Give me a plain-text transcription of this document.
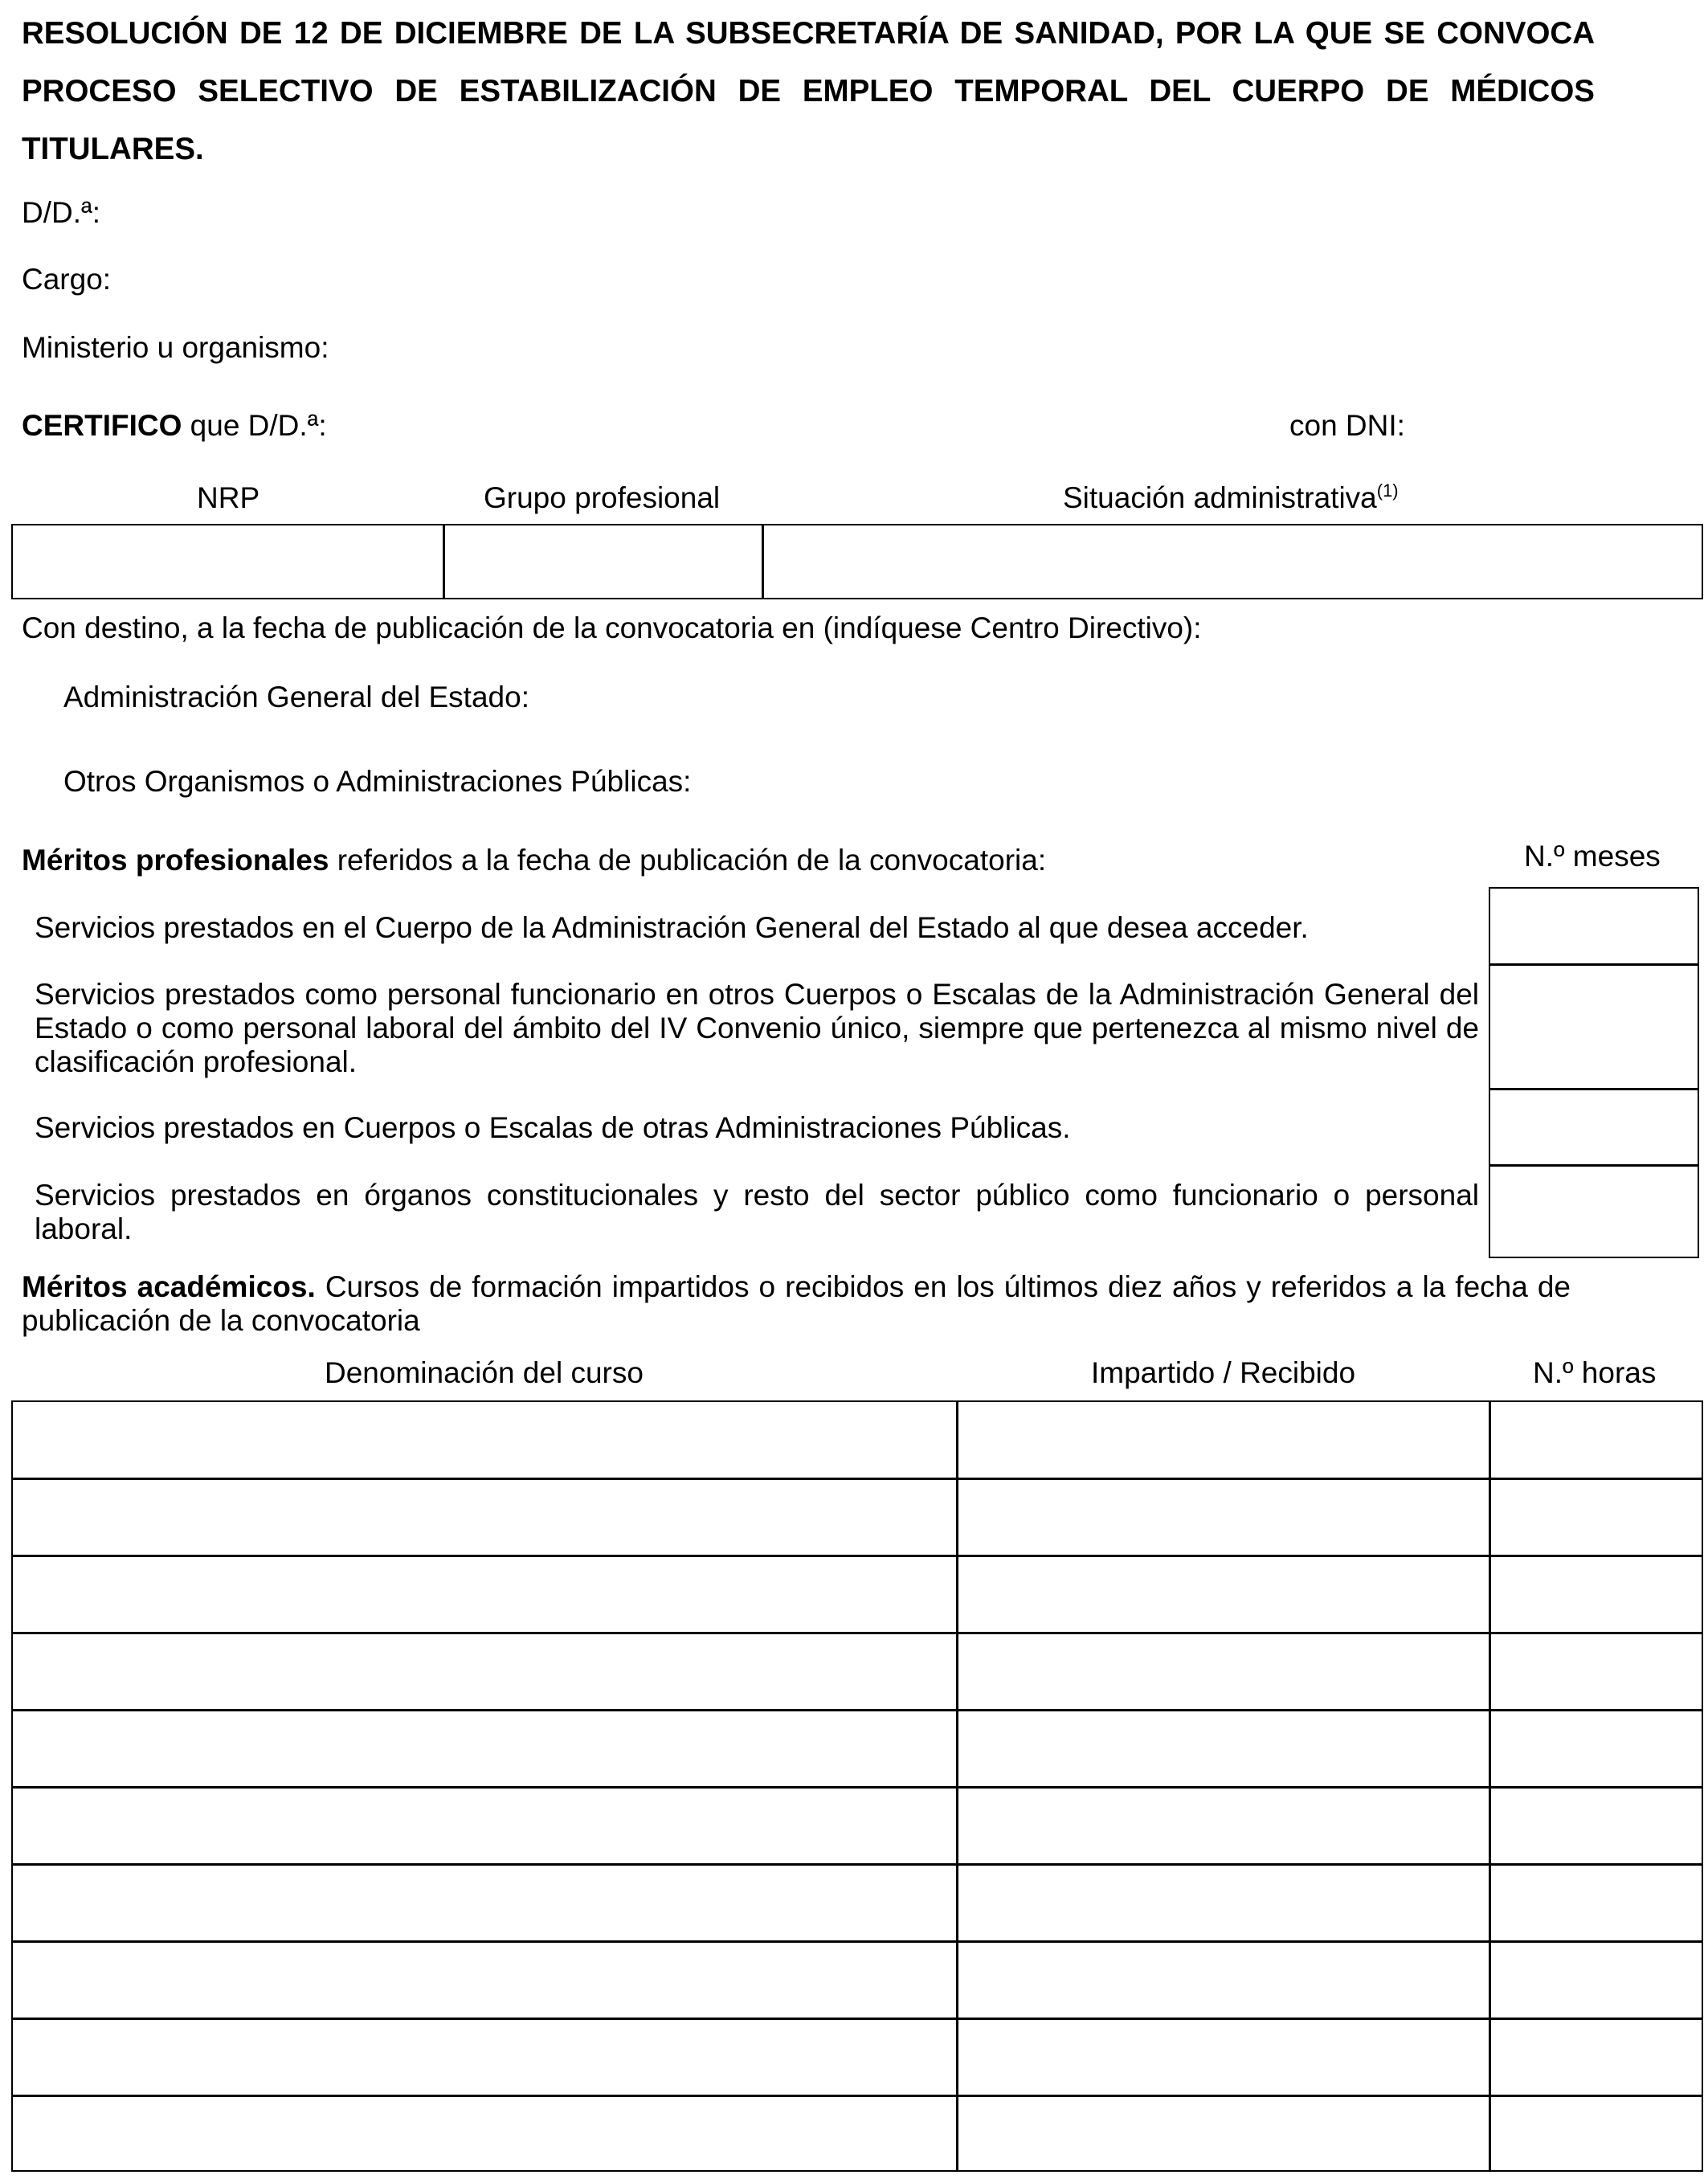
RESOLUCIÓN DE 12 DE DICIEMBRE DE LA SUBSECRETARÍA DE SANIDAD, POR LA QUE SE CONVOCA PROCESO SELECTIVO DE ESTABILIZACIÓN DE EMPLEO TEMPORAL DEL CUERPO DE MÉDICOS TITULARES.
D/D.ª:
Cargo:
Ministerio u organismo:
CERTIFICO que D/D.ª:	con DNI:
NRP	Grupo profesional	Situación administrativa$^{(1)}$
Con destino, a la fecha de publicación de la convocatoria en (indíquese Centro Directivo):
Administración General del Estado:
Otros Organismos o Administraciones Públicas:
Méritos profesionales referidos a la fecha de publicación de la convocatoria:	N.º meses
Servicios prestados en el Cuerpo de la Administración General del Estado al que desea acceder.
Servicios prestados como personal funcionario en otros Cuerpos o Escalas de la Administración General del Estado o como personal laboral del ámbito del IV Convenio único, siempre que pertenezca al mismo nivel de clasificación profesional.
Servicios prestados en Cuerpos o Escalas de otras Administraciones Públicas.
Servicios prestados en órganos constitucionales y resto del sector público como funcionario o personal laboral.
Méritos académicos. Cursos de formación impartidos o recibidos en los últimos diez años y referidos a la fecha de publicación de la convocatoria
Denominación del curso	Impartido / Recibido	N.º horas
